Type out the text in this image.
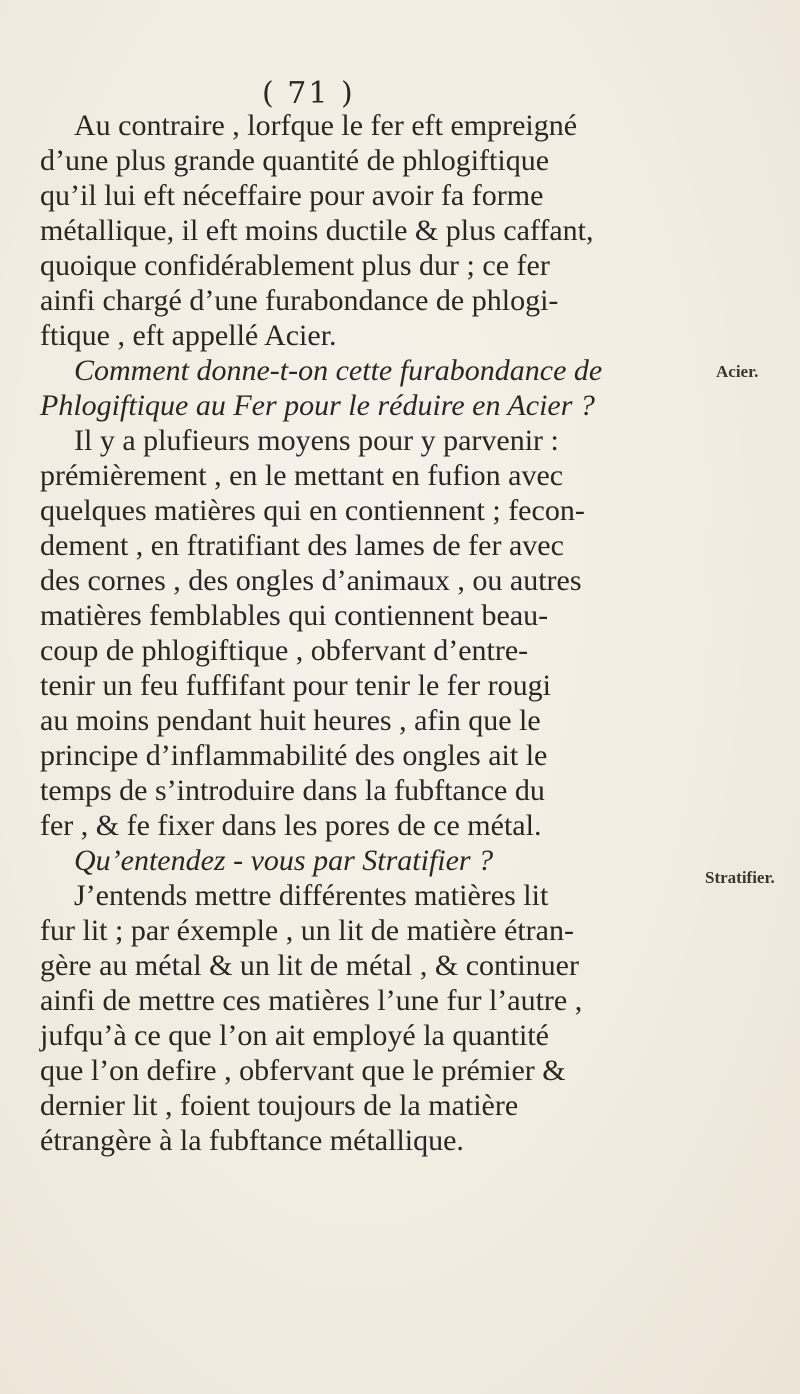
( 71 )
Au contraire , lorfque le fer eft empreigné
d’une plus grande quantité de phlogiftique
qu’il lui eft néceffaire pour avoir fa forme
métallique, il eft moins ductile & plus caffant,
quoique confidérablement plus dur ; ce fer
ainfi chargé d’une furabondance de phlogi-
ftique , eft appellé Acier.
Comment donne-t-on cette furabondance de
Phlogiftique au Fer pour le réduire en Acier ?
Il y a plufieurs moyens pour y parvenir :
prémièrement , en le mettant en fufion avec
quelques matières qui en contiennent ; fecon-
dement , en ftratifiant des lames de fer avec
des cornes , des ongles d’animaux , ou autres
matières femblables qui contiennent beau-
coup de phlogiftique , obfervant d’entre-
tenir un feu fuffifant pour tenir le fer rougi
au moins pendant huit heures , afin que le
principe d’inflammabilité des ongles ait le
temps de s’introduire dans la fubftance du
fer , & fe fixer dans les pores de ce métal.
Qu’entendez - vous par Stratifier ?
J’entends mettre différentes matières lit
fur lit ; par éxemple , un lit de matière étran-
gère au métal & un lit de métal , & continuer
ainfi de mettre ces matières l’une fur l’autre ,
jufqu’à ce que l’on ait employé la quantité
que l’on defire , obfervant que le prémier &
dernier lit , foient toujours de la matière
étrangère à la fubftance métallique.
Acier.
Stratifier.
